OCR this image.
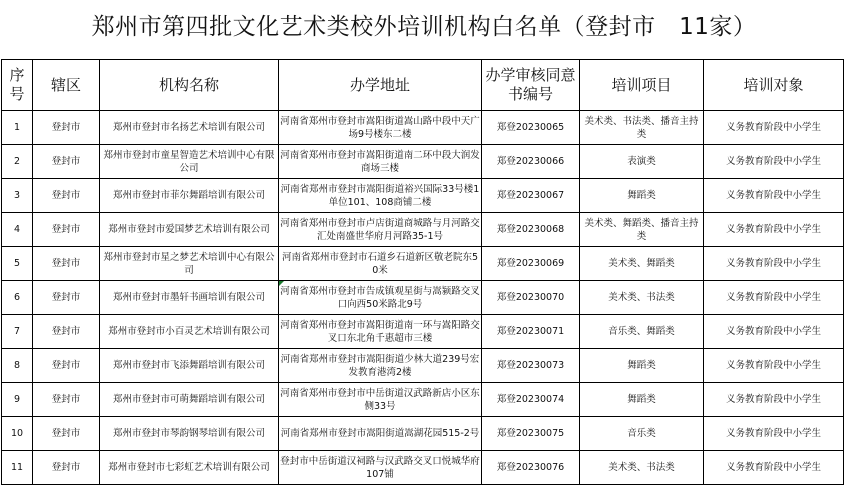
郑州市第四批文化艺术类校外培训机构白名单（登封市   11家）
序号	辖区	机构名称	办学地址	办学审核同意书编号	培训项目	培训对象
1	登封市	郑州市登封市名扬艺术培训有限公司	河南省郑州市登封市嵩阳街道嵩山路中段中天广场9号楼东二楼	郑登20230065	美术类、书法类、播音主持类	义务教育阶段中小学生
2	登封市	郑州市登封市童星智造艺术培训中心有限公司	河南省郑州市登封市嵩阳街道南二环中段大润发商场三楼	郑登20230066	表演类	义务教育阶段中小学生
3	登封市	郑州市登封市菲尔舞蹈培训有限公司	河南省郑州市登封市嵩阳街道裕兴国际33号楼1单位101、108商铺二楼	郑登20230067	舞蹈类	义务教育阶段中小学生
4	登封市	郑州市登封市爱国梦艺术培训有限公司	河南省郑州市登封市卢店街道商城路与月河路交汇处南盛世华府月河路35-1号	郑登20230068	美术类、舞蹈类、播音主持类	义务教育阶段中小学生
5	登封市	郑州市登封市星之梦艺术培训中心有限公司	河南省郑州市登封市石道乡石道新区敬老院东50米	郑登20230069	美术类、舞蹈类	义务教育阶段中小学生
6	登封市	郑州市登封市墨轩书画培训有限公司	河南省郑州市登封市告成镇观星街与嵩颍路交叉口向西50米路北9号	郑登20230070	美术类、书法类	义务教育阶段中小学生
7	登封市	郑州市登封市小百灵艺术培训有限公司	河南省郑州市登封市嵩阳街道南一环与嵩阳路交叉口东北角千惠超市三楼	郑登20230071	音乐类、舞蹈类	义务教育阶段中小学生
8	登封市	郑州市登封市飞添舞蹈培训有限公司	河南省郑州市登封市嵩阳街道少林大道239号宏发教育港湾2楼	郑登20230073	舞蹈类	义务教育阶段中小学生
9	登封市	郑州市登封市可萌舞蹈培训有限公司	河南省郑州市登封市中岳街道汉武路新店小区东侧33号	郑登20230074	舞蹈类	义务教育阶段中小学生
10	登封市	郑州市登封市琴韵钢琴培训有限公司	河南省郑州市登封市嵩阳街道嵩湖花园515-2号	郑登20230075	音乐类	义务教育阶段中小学生
11	登封市	郑州市登封市七彩虹艺术培训有限公司	登封市中岳街道汉祠路与汉武路交叉口悦城华府107铺	郑登20230076	美术类、书法类	义务教育阶段中小学生
